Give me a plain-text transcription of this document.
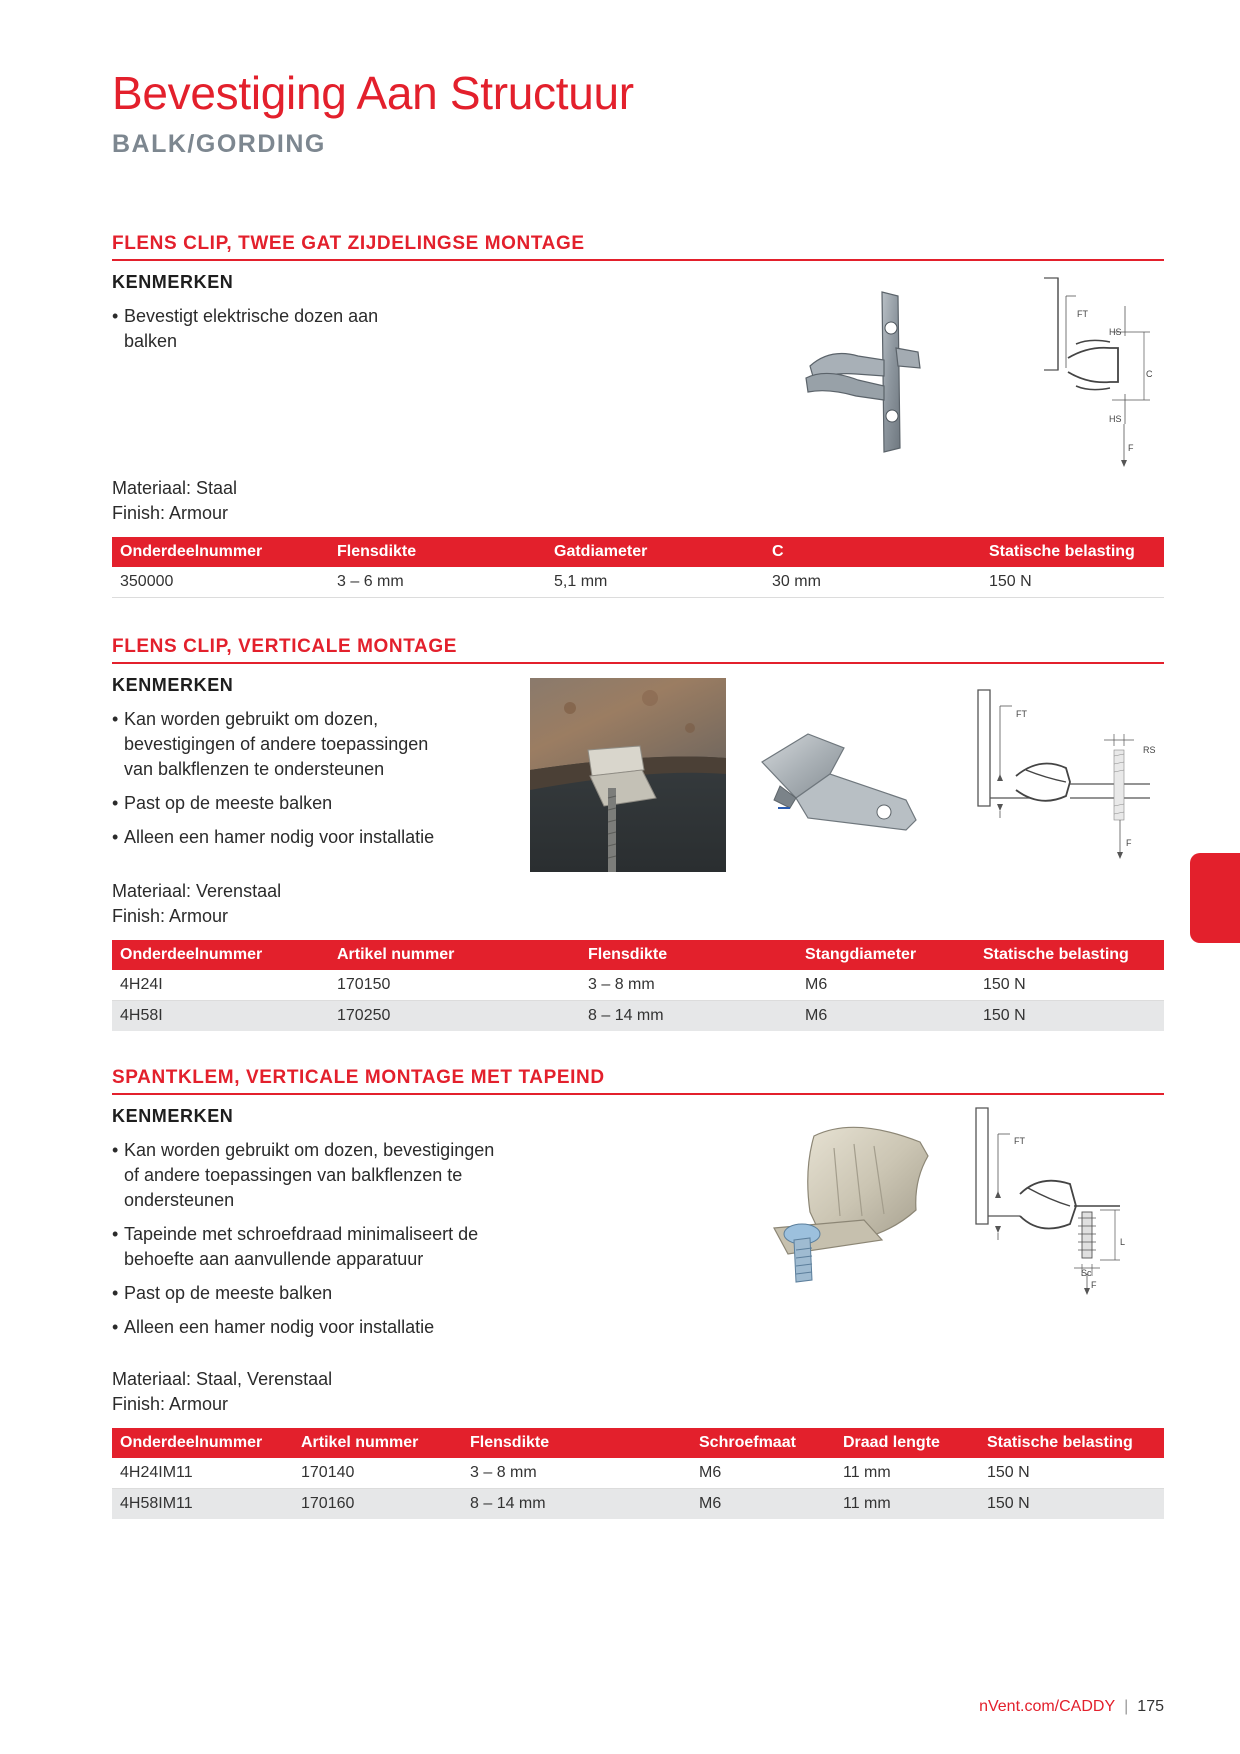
Bevestiging Aan Structuur
BALK/GORDING
FLENS CLIP, TWEE GAT ZIJDELINGSE MONTAGE
KENMERKEN
• Bevestigt elektrische dozen aan balken
FT
HS
C
HS
F
Materiaal: Staal
Finish: Armour
Onderdeelnummer	Flensdikte	Gatdiameter	C	Statische belasting
350000	3 – 6 mm	5,1 mm	30 mm	150 N
FLENS CLIP, VERTICALE MONTAGE
KENMERKEN
• Kan worden gebruikt om dozen, bevestigingen of andere toepassingen van balkflenzen te ondersteunen
• Past op de meeste balken
• Alleen een hamer nodig voor installatie
FT
RS
F
Materiaal: Verenstaal
Finish: Armour
Onderdeelnummer	Artikel nummer	Flensdikte	Stangdiameter	Statische belasting
4H24I	170150	3 – 8 mm	M6	150 N
4H58I	170250	8 – 14 mm	M6	150 N
SPANTKLEM, VERTICALE MONTAGE MET TAPEIND
KENMERKEN
• Kan worden gebruikt om dozen, bevestigingen of andere toepassingen van balkflenzen te ondersteunen
• Tapeinde met schroefdraad minimaliseert de behoefte aan aanvullende apparatuur
• Past op de meeste balken
• Alleen een hamer nodig voor installatie
FT
L
Sc
F
Materiaal: Staal, Verenstaal
Finish: Armour
Onderdeelnummer	Artikel nummer	Flensdikte	Schroefmaat	Draad lengte	Statische belasting
4H24IM11	170140	3 – 8 mm	M6	11 mm	150 N
4H58IM11	170160	8 – 14 mm	M6	11 mm	150 N
nVent.com/CADDY | 175
